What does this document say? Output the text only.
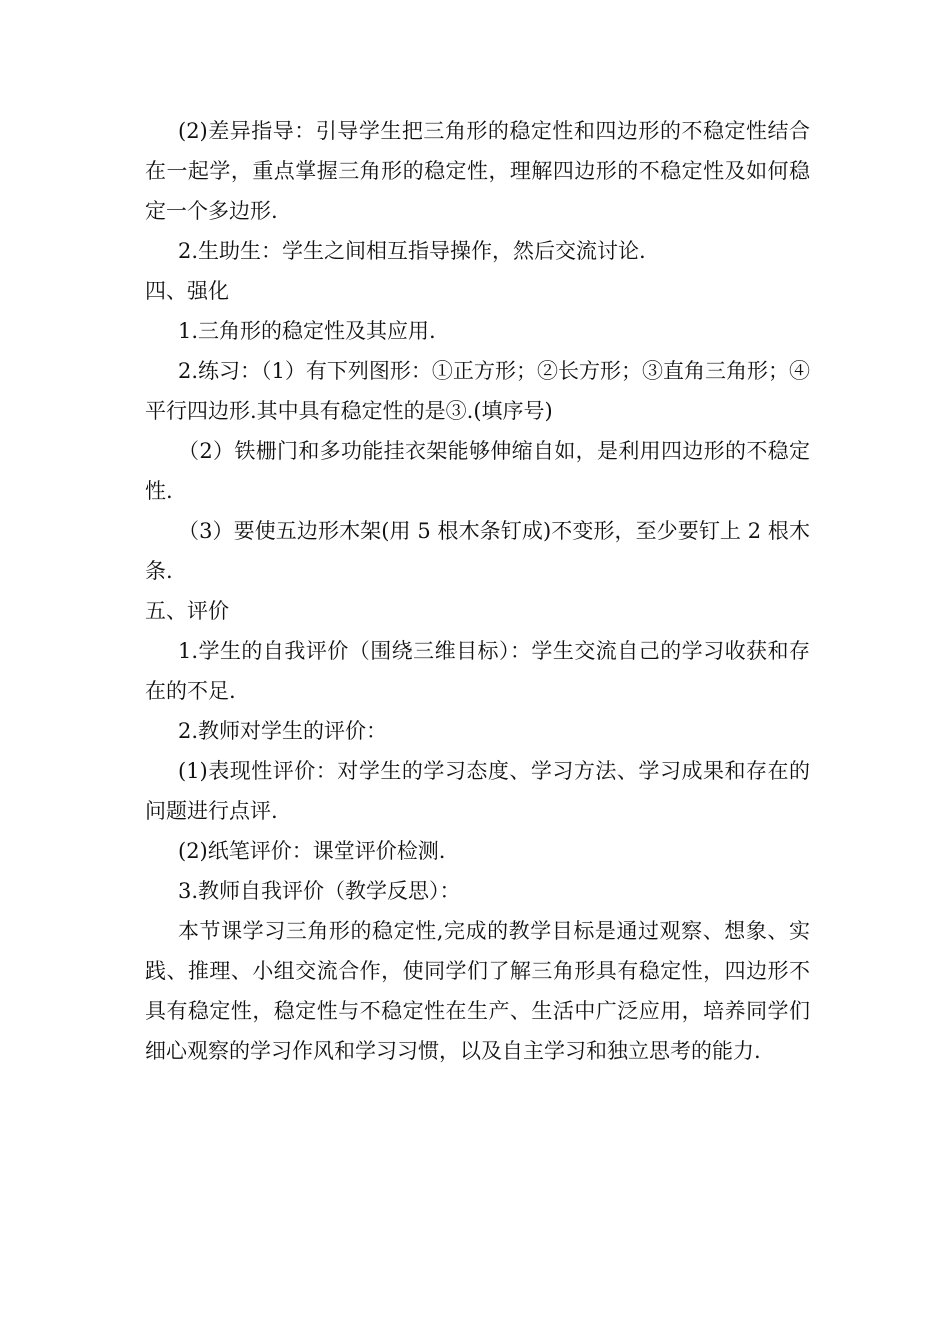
(2)差异指导：引导学生把三角形的稳定性和四边形的不稳定性结合在一起学，重点掌握三角形的稳定性，理解四边形的不稳定性及如何稳定一个多边形.

2.生助生：学生之间相互指导操作，然后交流讨论.

四、强化

1.三角形的稳定性及其应用.

2.练习：（1）有下列图形：①正方形；②长方形；③直角三角形；④平行四边形.其中具有稳定性的是③.(填序号)

（2）铁栅门和多功能挂衣架能够伸缩自如，是利用四边形的不稳定性.

（3）要使五边形木架(用 5 根木条钉成)不变形，至少要钉上 2 根木条.

五、评价

1.学生的自我评价（围绕三维目标）：学生交流自己的学习收获和存在的不足.

2.教师对学生的评价：

(1)表现性评价：对学生的学习态度、学习方法、学习成果和存在的问题进行点评.

(2)纸笔评价：课堂评价检测.

3.教师自我评价（教学反思）：

本节课学习三角形的稳定性,完成的教学目标是通过观察、想象、实践、推理、小组交流合作，使同学们了解三角形具有稳定性，四边形不具有稳定性，稳定性与不稳定性在生产、生活中广泛应用，培养同学们细心观察的学习作风和学习习惯，以及自主学习和独立思考的能力.
